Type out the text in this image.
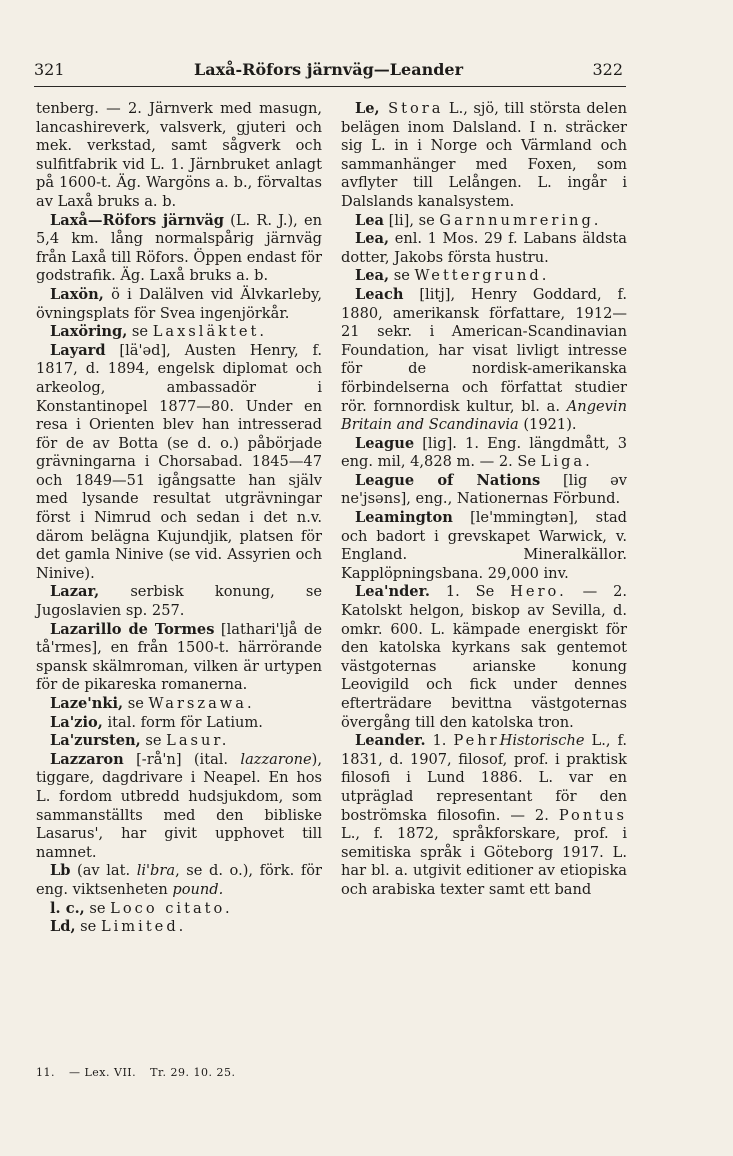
321	Laxå-Röfors järnväg—Leander	322

tenberg. — 2. Järnverk med masugn, lancashireverk, valsverk, gjuteri och mek. verkstad, samt sågverk och sulfitfabrik vid L. 1. Järnbruket anlagt på 1600-t. Äg. Wargöns a. b., förvaltas av Laxå bruks a. b.

Laxå—Röfors järnväg (L. R. J.), en 5,4 km. lång normalspårig järnväg från Laxå till Röfors. Öppen endast för godstrafik. Äg. Laxå bruks a. b.

Laxön, ö i Dalälven vid Älvkarleby, övningsplats för Svea ingenjörkår.

Laxöring, se Laxsläktet.

Layard [lä'əd], Austen Henry, f. 1817, d. 1894, engelsk diplomat och arkeolog, ambassadör i Konstantinopel 1877—80. Under en resa i Orienten blev han intresserad för de av Botta (se d. o.) påbörjade grävningarna i Chorsabad. 1845—47 och 1849—51 igångsatte han själv med lysande resultat utgrävningar först i Nimrud och sedan i det n.v. därom belägna Kujundjik, platsen för det gamla Ninive (se vid. Assyrien och Ninive).

Lazar, serbisk konung, se Jugoslavien sp. 257.

Lazarillo de Tormes [lathari'ljå de tå'rmes], en från 1500-t. härrörande spansk skälmroman, vilken är urtypen för de pikareska romanerna.

Laze'nki, se Warszawa.

La'zio, ital. form för Latium.

La'zursten, se Lasur.

Lazzaron [-rå'n] (ital. lazzarone), tiggare, dagdrivare i Neapel. En hos L. fordom utbredd hudsjukdom, som sammanställts med den bibliske Lasarus', har givit upphovet till namnet.

Lb (av lat. li'bra, se d. o.), förk. för eng. viktsenheten pound.

l. c., se Loco citato.

Ld, se Limited.

Le, Stora L., sjö, till största delen belägen inom Dalsland. I n. sträcker sig L. in i Norge och Värmland och sammanhänger med Foxen, som avflyter till Lelången. L. ingår i Dalslands kanalsystem.

Lea [li], se Garnnumrering.

Lea, enl. 1 Mos. 29 f. Labans äldsta dotter, Jakobs första hustru.

Lea, se Wettergrund.

Leach [litj], Henry Goddard, f. 1880, amerikansk författare, 1912—21 sekr. i American-Scandinavian Foundation, har visat livligt intresse för de nordisk-amerikanska förbindelserna och författat studier rör. fornnordisk kultur, bl. a. Angevin Britain and Scandinavia (1921).

League [lig]. 1. Eng. längdmått, 3 eng. mil, 4,828 m. — 2. Se Liga.

League of Nations [lig əv ne'jsəns], eng., Nationernas Förbund.

Leamington [le'mmingtən], stad och badort i grevskapet Warwick, v. England. Mineralkällor. Kapplöpningsbana. 29,000 inv.

Lea'nder. 1. Se Hero. — 2. Katolskt helgon, biskop av Sevilla, d. omkr. 600. L. kämpade energiskt för den katolska kyrkans sak gentemot västgoternas arianske konung Leovigild och fick under dennes efterträdare bevittna västgoternas övergång till den katolska tron.

Leander. 1. PehrHistorische L., f. 1831, d. 1907, filosof, prof. i praktisk filosofi i Lund 1886. L. var en utpräglad representant för den boströmska filosofin. — 2. Pontus L., f. 1872, språkforskare, prof. i semitiska språk i Göteborg 1917. L. har bl. a. utgivit editioner av etiopiska och arabiska texter samt ett band

11. — Lex. VII. Tr. 29. 10. 25.
